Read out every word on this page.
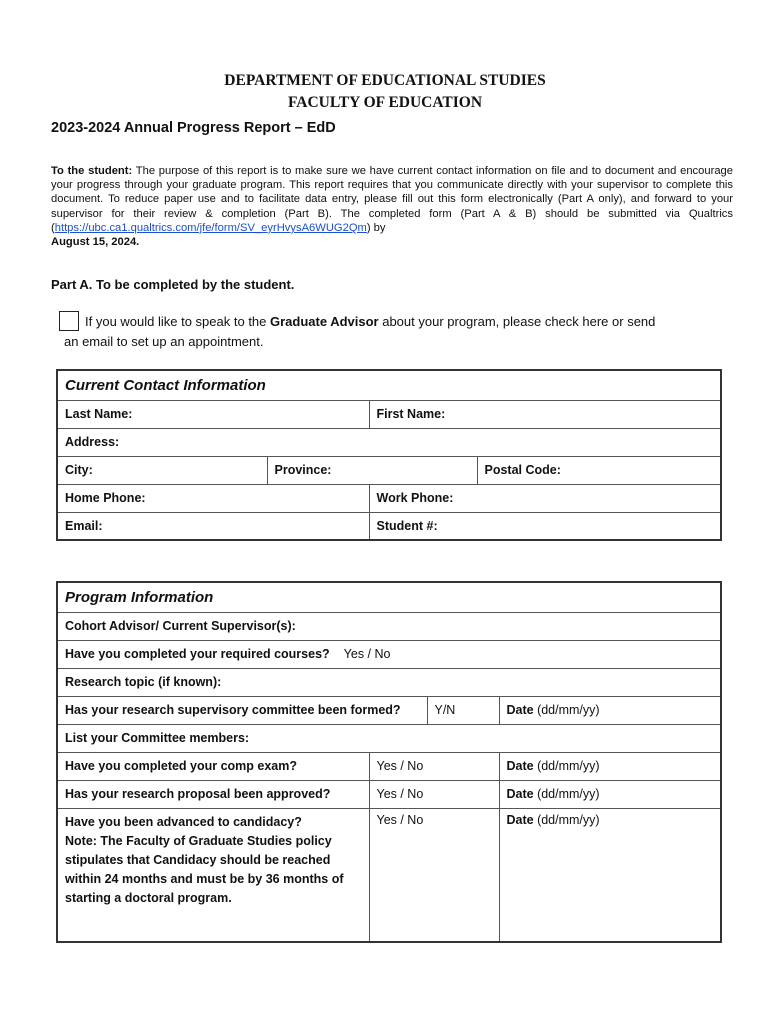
DEPARTMENT OF EDUCATIONAL STUDIES
FACULTY OF EDUCATION
2023-2024 Annual Progress Report – EdD
To the student: The purpose of this report is to make sure we have current contact information on file and to document and encourage your progress through your graduate program. This report requires that you communicate directly with your supervisor to complete this document. To reduce paper use and to facilitate data entry, please fill out this form electronically (Part A only), and forward to your supervisor for their review & completion (Part B). The completed form (Part A & B) should be submitted via Qualtrics (https://ubc.ca1.qualtrics.com/jfe/form/SV_eyrHvysA6WUG2Qm) by
August 15, 2024.
Part A. To be completed by the student.
If you would like to speak to the Graduate Advisor about your program, please check here or send
an email to set up an appointment.
Current Contact Information			
Last Name:		First Name:	
Address:			
City:	Province:		Postal Code:
Home Phone:		Work Phone:	
Email:		Student #:	
Program Information			
Cohort Advisor/ Current Supervisor(s):			
Have you completed your required courses? Yes / No			
Research topic (if known):			
Has your research supervisory committee been formed?		Y/N	Date (dd/mm/yy)
List your Committee members:			
Have you completed your comp exam?	Yes / No		Date (dd/mm/yy)
Has your research proposal been approved?	Yes / No		Date (dd/mm/yy)

Have you been advanced to candidacy?
Note: The Faculty of Graduate Studies policy
stipulates that Candidacy should be reached
within 24 months and must be by 36 months of
starting a doctoral program.	Yes / No		Date (dd/mm/yy)
